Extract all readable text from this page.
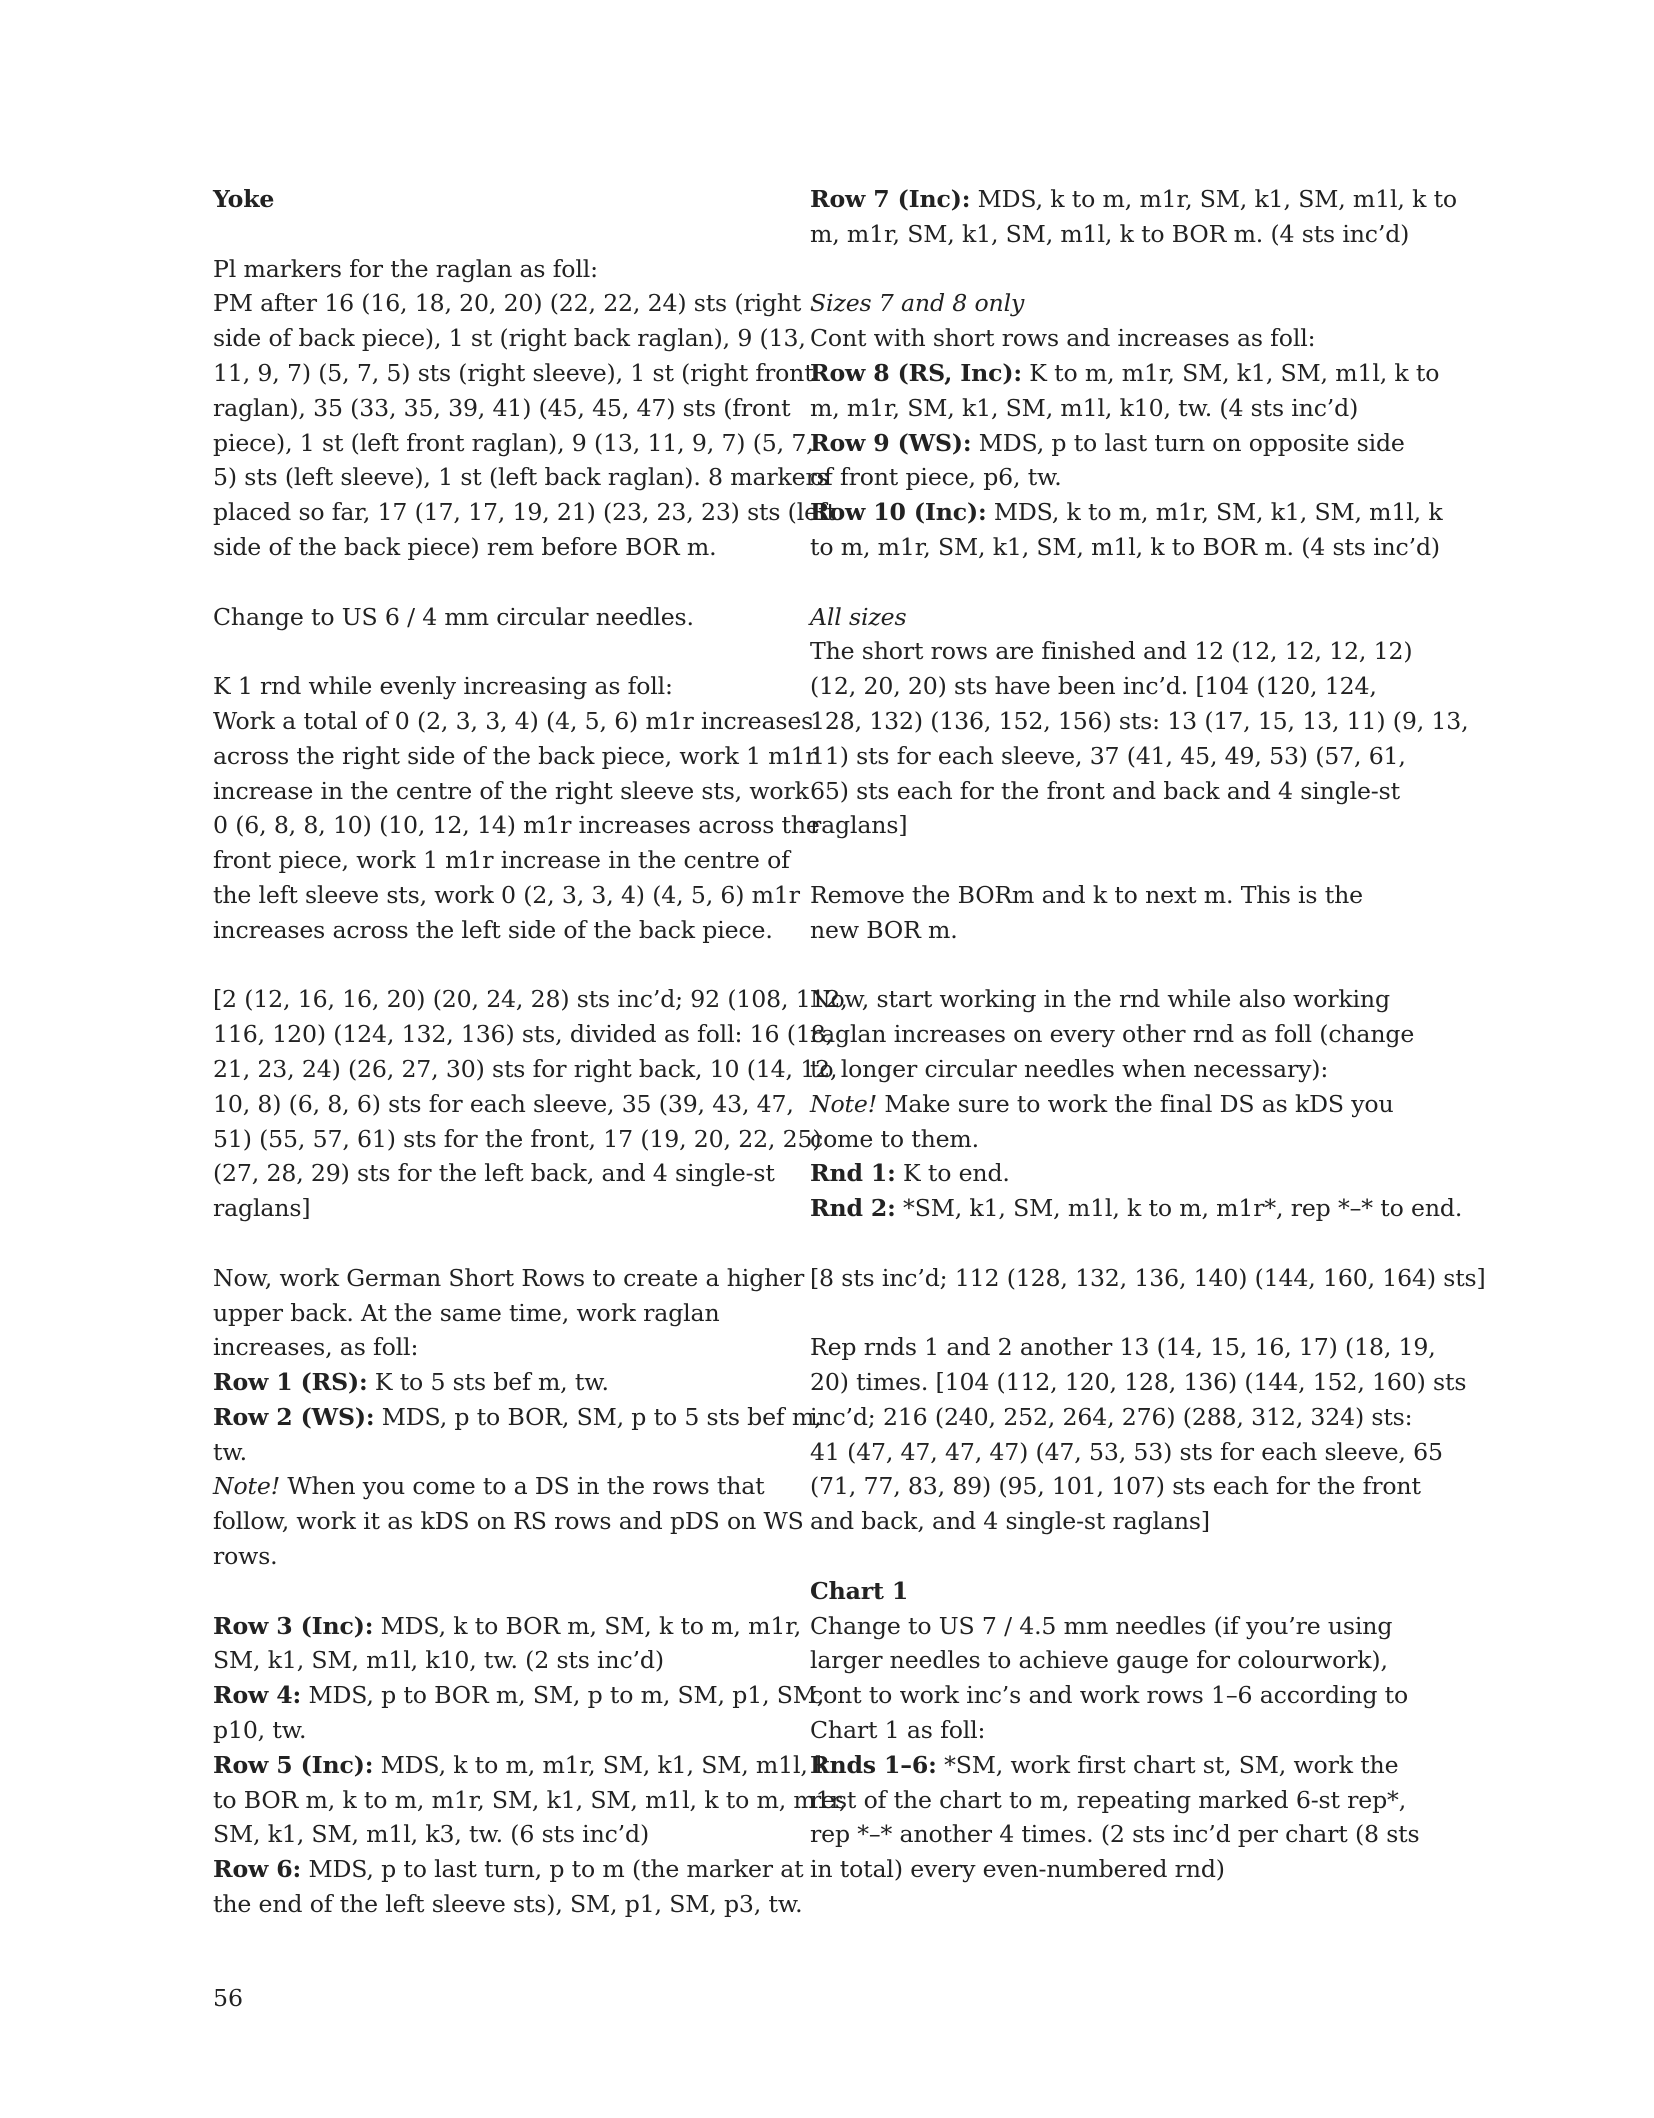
Yoke
Pl markers for the raglan as foll:
PM after 16 (16, 18, 20, 20) (22, 22, 24) sts (right
side of back piece), 1 st (right back raglan), 9 (13,
11, 9, 7) (5, 7, 5) sts (right sleeve), 1 st (right front
raglan), 35 (33, 35, 39, 41) (45, 45, 47) sts (front
piece), 1 st (left front raglan), 9 (13, 11, 9, 7) (5, 7,
5) sts (left sleeve), 1 st (left back raglan). 8 markers
placed so far, 17 (17, 17, 19, 21) (23, 23, 23) sts (left
side of the back piece) rem before BOR m.
Change to US 6 / 4 mm circular needles.
K 1 rnd while evenly increasing as foll:
Work a total of 0 (2, 3, 3, 4) (4, 5, 6) m1r increases
across the right side of the back piece, work 1 m1r
increase in the centre of the right sleeve sts, work
0 (6, 8, 8, 10) (10, 12, 14) m1r increases across the
front piece, work 1 m1r increase in the centre of
the left sleeve sts, work 0 (2, 3, 3, 4) (4, 5, 6) m1r
increases across the left side of the back piece.
[2 (12, 16, 16, 20) (20, 24, 28) sts inc’d; 92 (108, 112,
116, 120) (124, 132, 136) sts, divided as foll: 16 (18,
21, 23, 24) (26, 27, 30) sts for right back, 10 (14, 12,
10, 8) (6, 8, 6) sts for each sleeve, 35 (39, 43, 47,
51) (55, 57, 61) sts for the front, 17 (19, 20, 22, 25)
(27, 28, 29) sts for the left back, and 4 single-st
raglans]
Now, work German Short Rows to create a higher
upper back. At the same time, work raglan
increases, as foll:
Row 1 (RS): K to 5 sts bef m, tw.
Row 2 (WS): MDS, p to BOR, SM, p to 5 sts bef m,
tw.
Note! When you come to a DS in the rows that
follow, work it as kDS on RS rows and pDS on WS
rows.
Row 3 (Inc): MDS, k to BOR m, SM, k to m, m1r,
SM, k1, SM, m1l, k10, tw. (2 sts inc’d)
Row 4: MDS, p to BOR m, SM, p to m, SM, p1, SM,
p10, tw.
Row 5 (Inc): MDS, k to m, m1r, SM, k1, SM, m1l, k
to BOR m, k to m, m1r, SM, k1, SM, m1l, k to m, m1r,
SM, k1, SM, m1l, k3, tw. (6 sts inc’d)
Row 6: MDS, p to last turn, p to m (the marker at
the end of the left sleeve sts), SM, p1, SM, p3, tw.
Row 7 (Inc): MDS, k to m, m1r, SM, k1, SM, m1l, k to
m, m1r, SM, k1, SM, m1l, k to BOR m. (4 sts inc’d)
Sizes 7 and 8 only
Cont with short rows and increases as foll:
Row 8 (RS, Inc): K to m, m1r, SM, k1, SM, m1l, k to
m, m1r, SM, k1, SM, m1l, k10, tw. (4 sts inc’d)
Row 9 (WS): MDS, p to last turn on opposite side
of front piece, p6, tw.
Row 10 (Inc): MDS, k to m, m1r, SM, k1, SM, m1l, k
to m, m1r, SM, k1, SM, m1l, k to BOR m. (4 sts inc’d)
All sizes
The short rows are finished and 12 (12, 12, 12, 12)
(12, 20, 20) sts have been inc’d. [104 (120, 124,
128, 132) (136, 152, 156) sts: 13 (17, 15, 13, 11) (9, 13,
11) sts for each sleeve, 37 (41, 45, 49, 53) (57, 61,
65) sts each for the front and back and 4 single-st
raglans]
Remove the BORm and k to next m. This is the
new BOR m.
Now, start working in the rnd while also working
raglan increases on every other rnd as foll (change
to longer circular needles when necessary):
Note! Make sure to work the final DS as kDS you
come to them.
Rnd 1: K to end.
Rnd 2: *SM, k1, SM, m1l, k to m, m1r*, rep *–* to end.
[8 sts inc’d; 112 (128, 132, 136, 140) (144, 160, 164) sts]
Rep rnds 1 and 2 another 13 (14, 15, 16, 17) (18, 19,
20) times. [104 (112, 120, 128, 136) (144, 152, 160) sts
inc’d; 216 (240, 252, 264, 276) (288, 312, 324) sts:
41 (47, 47, 47, 47) (47, 53, 53) sts for each sleeve, 65
(71, 77, 83, 89) (95, 101, 107) sts each for the front
and back, and 4 single-st raglans]
Chart 1
Change to US 7 / 4.5 mm needles (if you’re using
larger needles to achieve gauge for colourwork),
cont to work inc’s and work rows 1–6 according to
Chart 1 as foll:
Rnds 1–6: *SM, work first chart st, SM, work the
rest of the chart to m, repeating marked 6-st rep*,
rep *–* another 4 times. (2 sts inc’d per chart (8 sts
in total) every even-numbered rnd)
56
